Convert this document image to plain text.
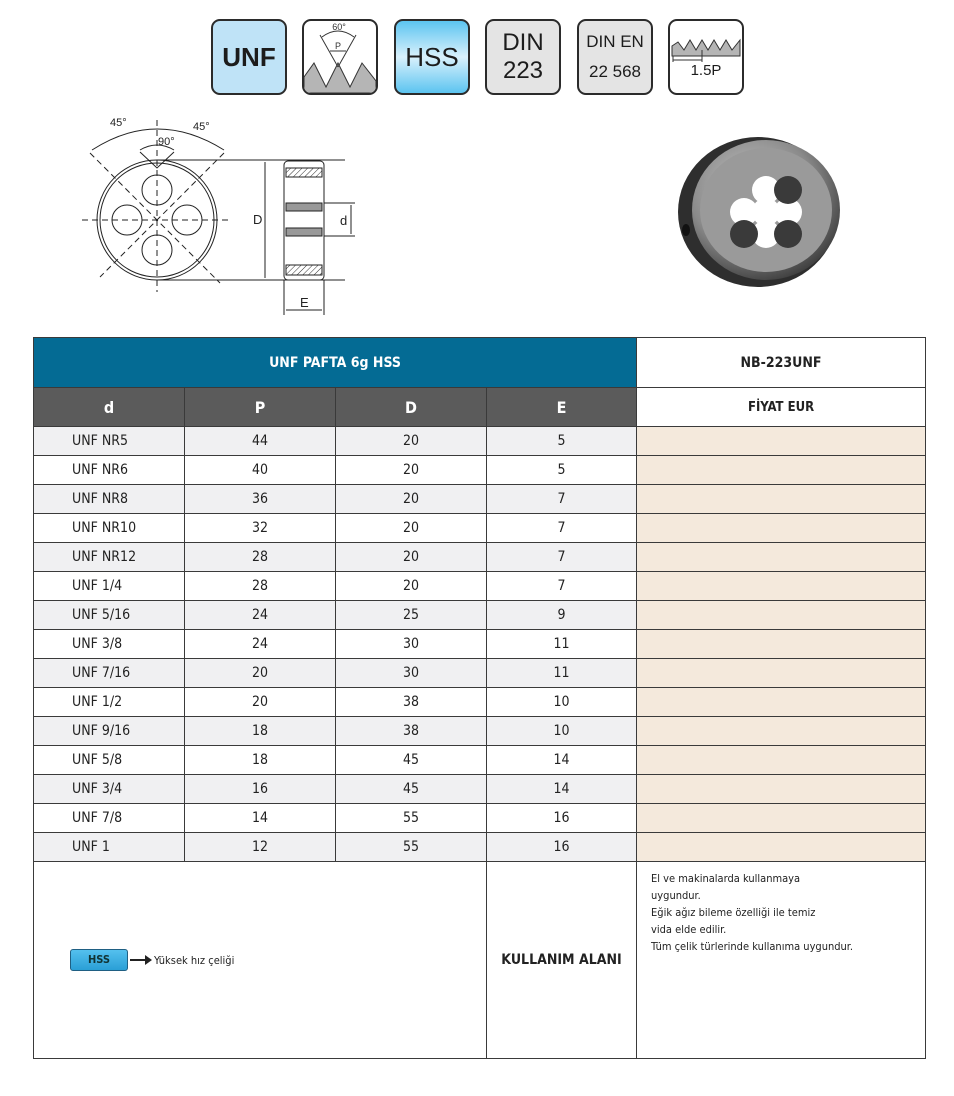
UNF
60°
P HSS DIN
223
DIN EN
22 568	1.5P
45°	45°
90°
D	d
E
UNF PAFTA 6g HSS				NB-223UNF
d	P	D	E	FİYAT EUR
UNF NR5	44	20	5	
UNF NR6	40	20	5	
UNF NR8	36	20	7	
UNF NR10	32	20	7	
UNF NR12	28	20	7	
UNF 1/4	28	20	7	
UNF 5/16	24	25	9	
UNF 3/8	24	30	11	
UNF 7/16	20	30	11	
UNF 1/2	20	38	10	
UNF 9/16	18	38	10	
UNF 5/8	18	45	14	
UNF 3/4	16	45	14	
UNF 7/8	14	55	16	
UNF 1	12	55	16	
HSS Yüksek hız çeliği			KULLANIM ALANI	El ve makinalarda kullanmaya
uygundur.
Eğik ağız bileme özelliği ile temiz
vida elde edilir.
Tüm çelik türlerinde kullanıma uygundur.
